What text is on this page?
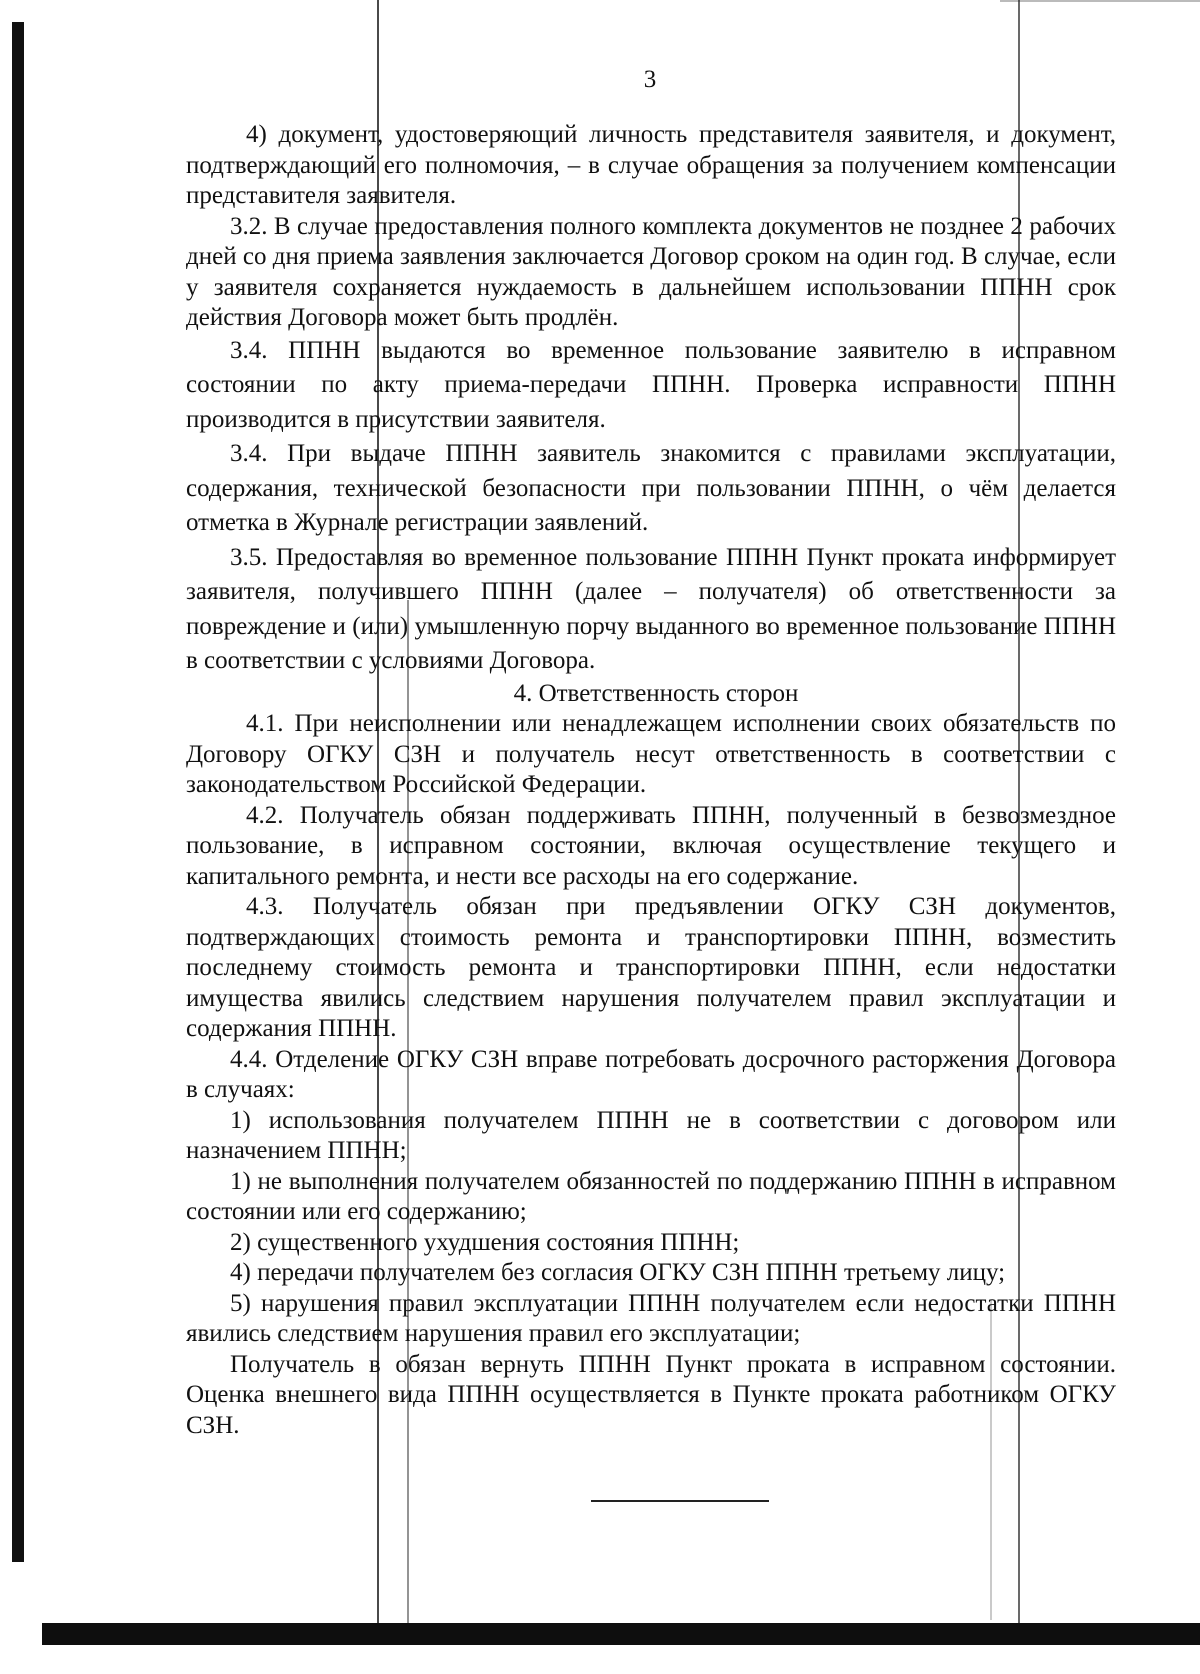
3

4) документ, удостоверяющий личность представителя заявителя, и документ, подтверждающий его полномочия, – в случае обращения за получением компенсации представителя заявителя.

3.2. В случае предоставления полного комплекта документов не позднее 2 рабочих дней со дня приема заявления заключается Договор сроком на один год. В случае, если у заявителя сохраняется нуждаемость в дальнейшем использовании ППНН срок действия Договора может быть продлён.

3.4. ППНН выдаются во временное пользование заявителю в исправном состоянии по акту приема-передачи ППНН. Проверка исправности ППНН производится в присутствии заявителя.

3.4. При выдаче ППНН заявитель знакомится с правилами эксплуатации, содержания, технической безопасности при пользовании ППНН, о чём делается отметка в Журнале регистрации заявлений.

3.5. Предоставляя во временное пользование ППНН Пункт проката информирует заявителя, получившего ППНН (далее – получателя) об ответственности за повреждение и (или) умышленную порчу выданного во временное пользование ППНН в соответствии с условиями Договора.

4. Ответственность сторон

4.1. При неисполнении или ненадлежащем исполнении своих обязательств по Договору ОГКУ СЗН и получатель несут ответственность в соответствии с законодательством Российской Федерации.

4.2. Получатель обязан поддерживать ППНН, полученный в безвозмездное пользование, в исправном состоянии, включая осуществление текущего и капитального ремонта, и нести все расходы на его содержание.

4.3. Получатель обязан при предъявлении ОГКУ СЗН документов, подтверждающих стоимость ремонта и транспортировки ППНН, возместить последнему стоимость ремонта и транспортировки ППНН, если недостатки имущества явились следствием нарушения получателем правил эксплуатации и содержания ППНН.

4.4. Отделение ОГКУ СЗН вправе потребовать досрочного расторжения Договора в случаях:

1) использования получателем ППНН не в соответствии с договором или назначением ППНН;

1) не выполнения получателем обязанностей по поддержанию ППНН в исправном состоянии или его содержанию;

2) существенного ухудшения состояния ППНН;

4) передачи получателем без согласия ОГКУ СЗН ППНН третьему лицу;

5) нарушения правил эксплуатации ППНН получателем если недостатки ППНН явились следствием нарушения правил его эксплуатации;

Получатель в обязан вернуть ППНН Пункт проката в исправном состоянии. Оценка внешнего вида ППНН осуществляется в Пункте проката работником ОГКУ СЗН.
